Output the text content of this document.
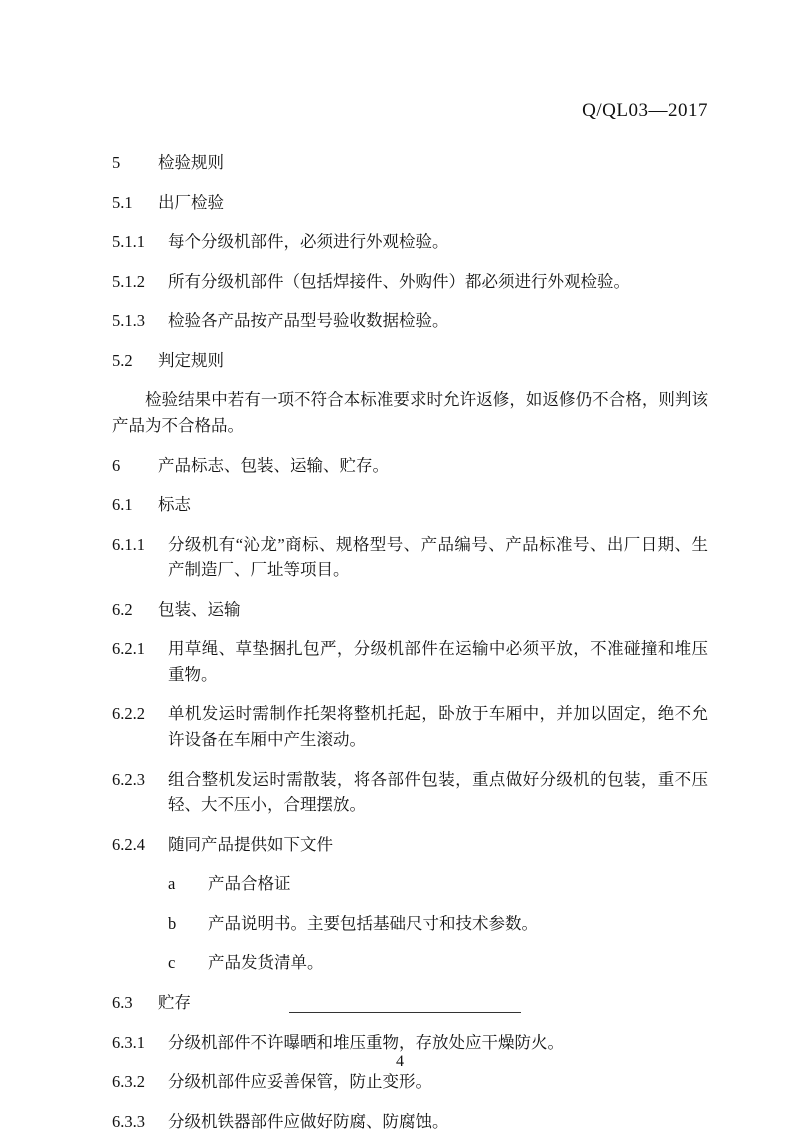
Q/QL03—2017
5 检验规则
5.1 出厂检验
5.1.1 每个分级机部件，必须进行外观检验。
5.1.2 所有分级机部件（包括焊接件、外购件）都必须进行外观检验。
5.1.3 检验各产品按产品型号验收数据检验。
5.2 判定规则
检验结果中若有一项不符合本标准要求时允许返修，如返修仍不合格，则判该产品为不合格品。
6 产品标志、包装、运输、贮存。
6.1 标志
6.1.1 分级机有“沁龙”商标、规格型号、产品编号、产品标准号、出厂日期、生产制造厂、厂址等项目。
6.2 包装、运输
6.2.1 用草绳、草垫捆扎包严，分级机部件在运输中必须平放，不准碰撞和堆压重物。
6.2.2 单机发运时需制作托架将整机托起，卧放于车厢中，并加以固定，绝不允许设备在车厢中产生滚动。
6.2.3 组合整机发运时需散装，将各部件包装，重点做好分级机的包装，重不压轻、大不压小，合理摆放。
6.2.4 随同产品提供如下文件
a 产品合格证
b 产品说明书。主要包括基础尺寸和技术参数。
c 产品发货清单。
6.3 贮存
6.3.1 分级机部件不许曝晒和堆压重物，存放处应干燥防火。
6.3.2 分级机部件应妥善保管，防止变形。
6.3.3 分级机铁器部件应做好防腐、防腐蚀。
4
